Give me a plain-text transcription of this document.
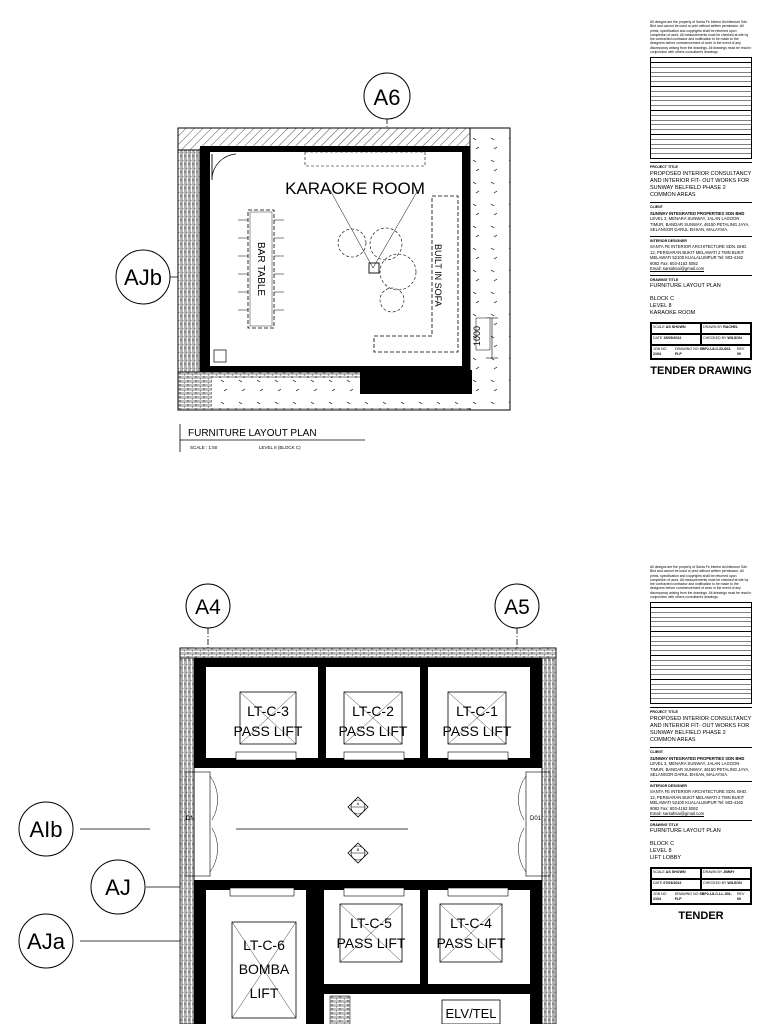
KARAOKE ROOM
BAR TABLE	BUILT IN SOFA
1000
D01
A6
AJb
FURNITURE LAYOUT PLAN
SCALE : 1:50	LEVEL 8 (BLOCK C)
LT-C-3
PASS LIFT
LT-C-2
PASS LIFT
LT-C-1
PASS LIFT
LT-C-5
PASS LIFT
LT-C-4
PASS LIFT
LT-C-6
BOMBA
LIFT
A
B
DN	D01
ELV/TEL
A4	A5
AIb
AJ
AJa
All designs are the property of Santa Fe Interior Architecture Sdn Bhd and cannot be used or print without written permission. All prints, specification and copyrights shall be returned upon completion of work. All measurements must be checked at site by the contracted contractor and notification to be made to the designers before commencement of work in the event of any discrepancy arising from the drawings. All drawings must be read in conjunction with others consultant's drawings.
PROJECT TITLE
PROPOSED INTERIOR CONSULTANCY AND INTERIOR FIT- OUT WORKS FOR SUNWAY BELFIELD PHASE 2 COMMON AREAS
CLIENT
SUNWAY INTEGRATED PROPERTIES SDN BHD
LEVEL 3, MENARA SUNWAY, JALAN LAGOON TIMUR, BANDAR SUNWAY, 46150 PETALING JAYA, SELANGOR DARUL EHSAN, MALAYSIA.
INTERIOR DESIGNER
SANTA FE INTERIOR ARCHITECTURE SDN. BHD.
12, PERSIARAN BUKIT MELAWATI 2 TMN BUKIT MELAWATI 52100 KUALALUMPUR Tel: 603-4162 9082 Fax: 603-4162 5082
Email: santafeiai@gmail.com
DRAWING TITLE
FURNITURE LAYOUT PLAN

BLOCK C
LEVEL 8
KARAOKE ROOM
SCALE AS SHOWN	DRAWN BY RACHEL
DATE 15/09/2022	CHECKED BY WILSON
JOB NO 2104
DRAWING NO SBP2-L8-C-ID-003-FLP
REV 00
TENDER DRAWING
All designs are the property of Santa Fe Interior Architecture Sdn Bhd and cannot be used or print without written permission. All prints, specification and copyrights shall be returned upon completion of work. All measurements must be checked at site by the contracted contractor and notification to be made to the designers before commencement of work in the event of any discrepancy arising from the drawings. All drawings must be read in conjunction with others consultant's drawings.
PROJECT TITLE
PROPOSED INTERIOR CONSULTANCY AND INTERIOR FIT- OUT WORKS FOR SUNWAY BELFIELD PHASE 2 COMMON AREAS
CLIENT
SUNWAY INTEGRATED PROPERTIES SDN BHD
LEVEL 3, MENARA SUNWAY, JALAN LAGOON TIMUR, BANDAR SUNWAY, 46150 PETALING JAYA, SELANGOR DARUL EHSAN, MALAYSIA.
INTERIOR DESIGNER
SANTA FE INTERIOR ARCHITECTURE SDN. BHD.
12, PERSIARAN BUKIT MELAWATI 2 TMN BUKIT MELAWATI 52100 KUALALUMPUR Tel: 603-4162 9082 Fax: 603-4162 5082
Email: santafeiai@gmail.com
DRAWING TITLE
FURNITURE LAYOUT PLAN

BLOCK C
LEVEL 8
LIFT LOBBY
SCALE AS SHOWN	DRAWN BY JIMMY
DATE 07/03/2022	CHECKED BY WILSON
JOB NO 2104
DRAWING NO SBP2-L8-C-LL-001-FLP
REV 00
TENDER
